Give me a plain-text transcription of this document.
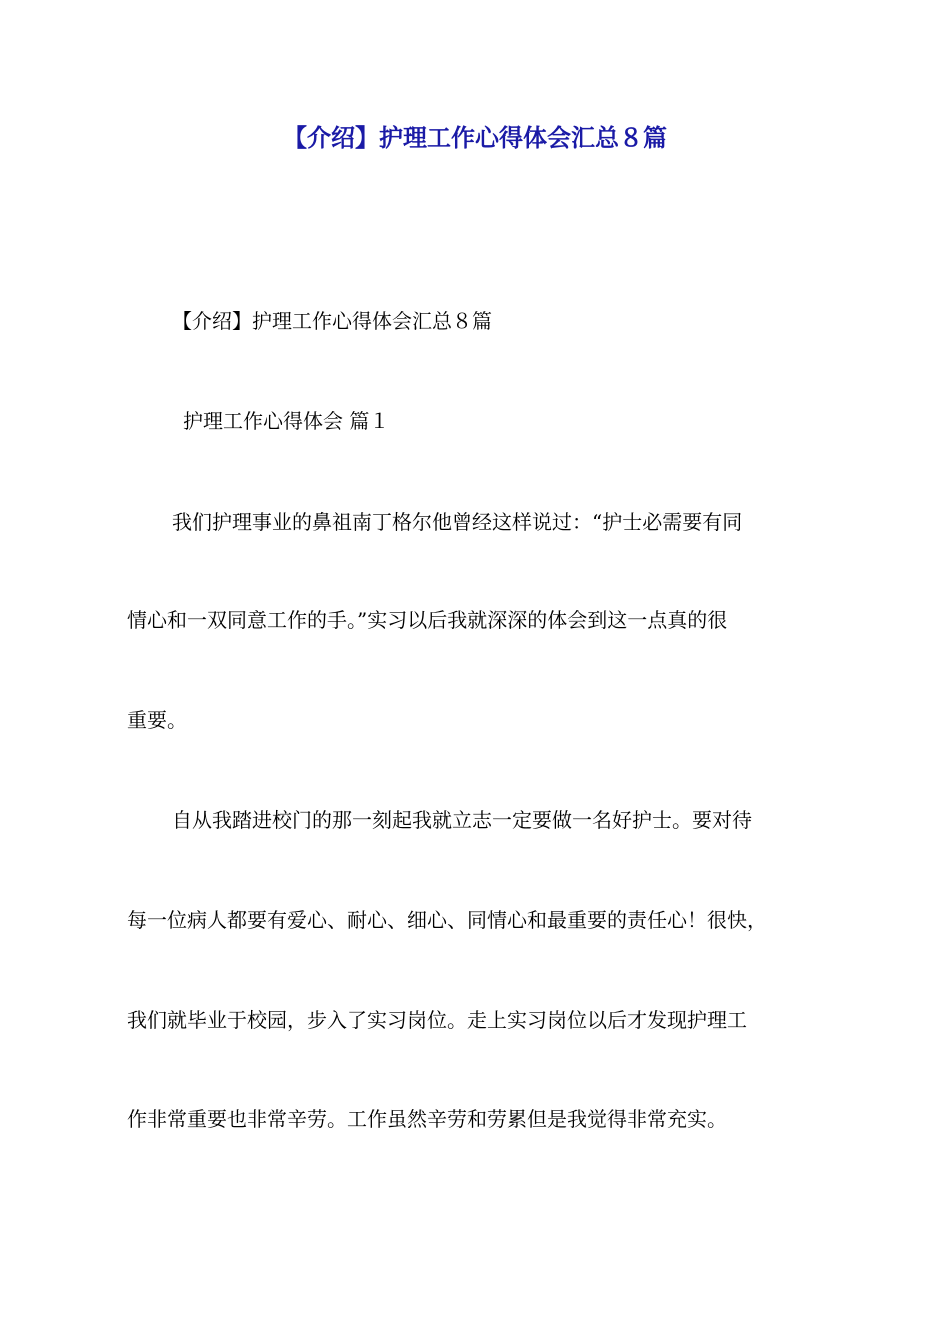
【介绍】护理工作心得体会汇总８篇

【介绍】护理工作心得体会汇总８篇

护理工作心得体会 篇１

我们护理事业的鼻祖南丁格尔他曾经这样说过：“护士必需要有同

情心和一双同意工作的手。”实习以后我就深深的体会到这一点真的很

重要。

自从我踏进校门的那一刻起我就立志一定要做一名好护士。要对待

每一位病人都要有爱心、耐心、细心、同情心和最重要的责任心！很快，

我们就毕业于校园，步入了实习岗位。走上实习岗位以后才发现护理工

作非常重要也非常辛劳。工作虽然辛劳和劳累但是我觉得非常充实。
